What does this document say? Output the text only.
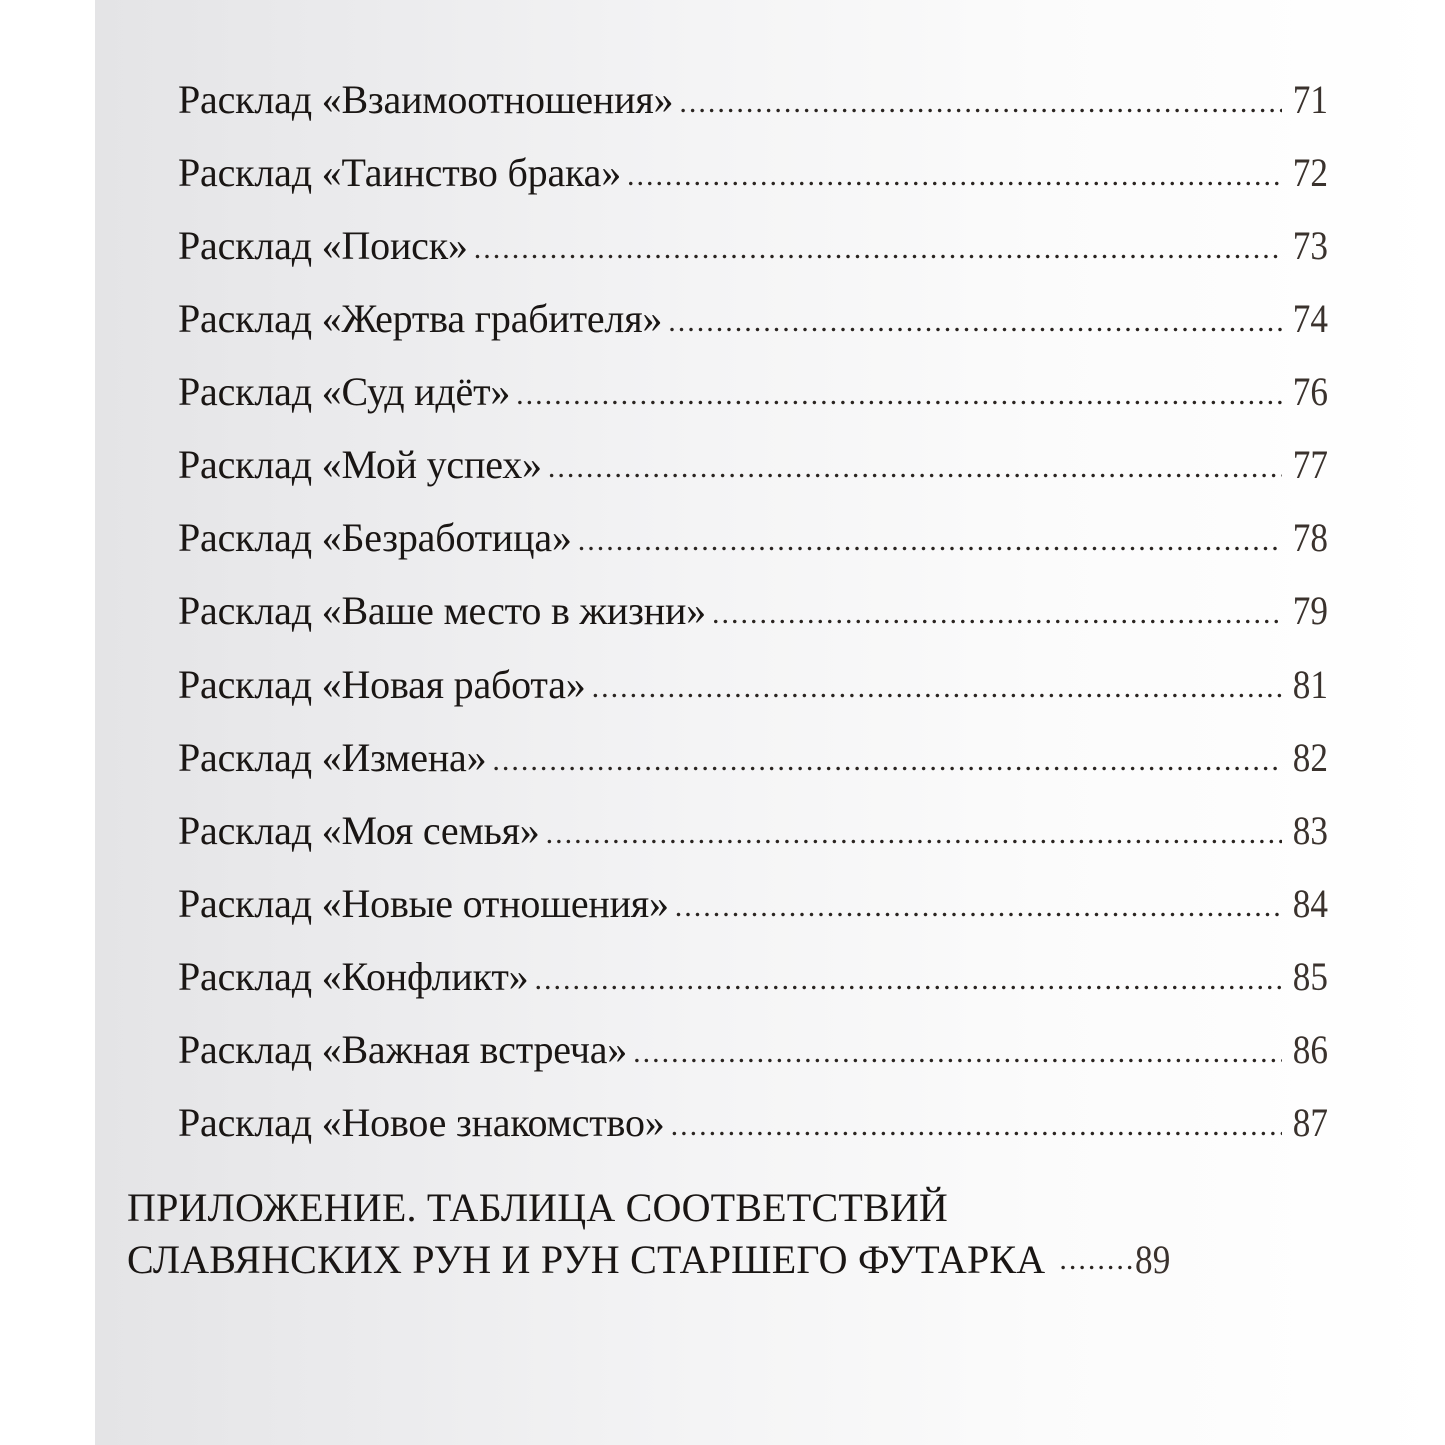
Расклад «Взаимоотношения» .....	71
Расклад «Таинство брака» .....	72
Расклад «Поиск» .....	73
Расклад «Жертва грабителя» .....	74
Расклад «Суд идёт» .....	76
Расклад «Мой успех» .....	77
Расклад «Безработица» .....	78
Расклад «Ваше место в жизни» .....	79
Расклад «Новая работа» .....	81
Расклад «Измена» .....	82
Расклад «Моя семья» .....	83
Расклад «Новые отношения» .....	84
Расклад «Конфликт» .....	85
Расклад «Важная встреча» .....	86
Расклад «Новое знакомство» .....	87
ПРИЛОЖЕНИЕ. ТАБЛИЦА СООТВЕТСТВИЙ
СЛАВЯНСКИХ РУН И РУН СТАРШЕГО ФУТАРКА ........ 89
